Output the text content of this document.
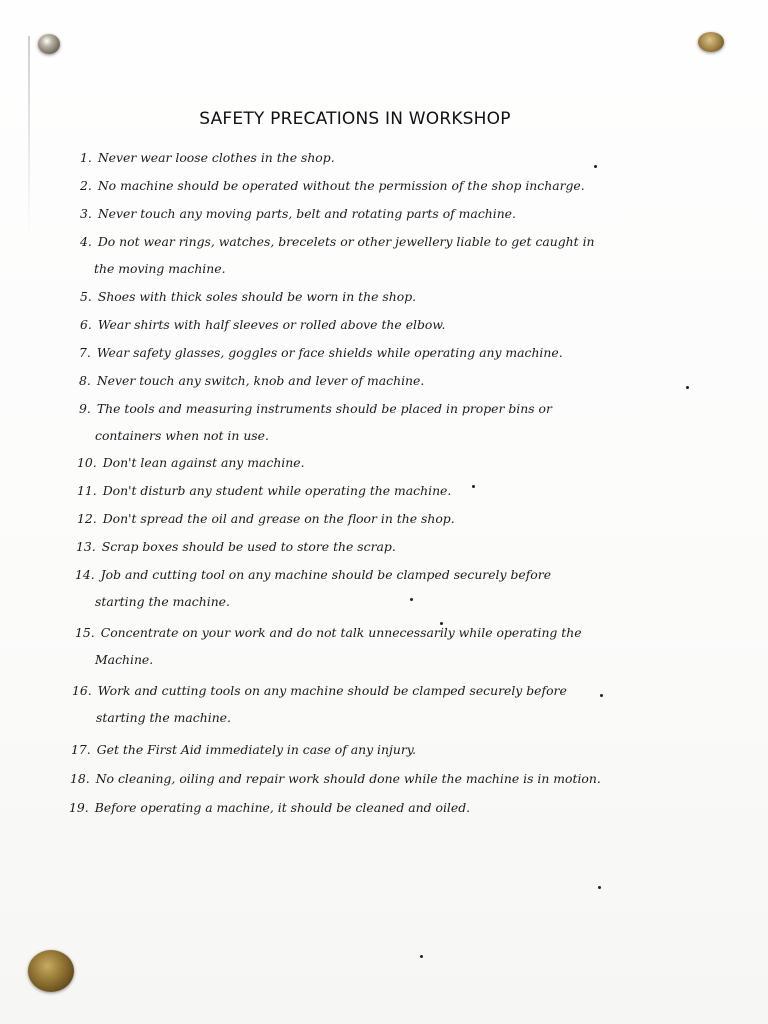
SAFETY PRECATIONS IN WORKSHOP
1. Never wear loose clothes in the shop.
2. No machine should be operated without the permission of the shop incharge.
3. Never touch any moving parts, belt and rotating parts of machine.
4. Do not wear rings, watches, brecelets or other jewellery liable to get caught in
the moving machine.
5. Shoes with thick soles should be worn in the shop.
6. Wear shirts with half sleeves or rolled above the elbow.
7. Wear safety glasses, goggles or face shields while operating any machine.
8. Never touch any switch, knob and lever of machine.
9. The tools and measuring instruments should be placed in proper bins or
containers when not in use.
10. Don't lean against any machine.
11. Don't disturb any student while operating the machine.
12. Don't spread the oil and grease on the floor in the shop.
13. Scrap boxes should be used to store the scrap.
14. Job and cutting tool on any machine should be clamped securely before
starting the machine.
15. Concentrate on your work and do not talk unnecessarily while operating the
Machine.
16. Work and cutting tools on any machine should be clamped securely before
starting the machine.
17. Get the First Aid immediately in case of any injury.
18. No cleaning, oiling and repair work should done while the machine is in motion.
19. Before operating a machine, it should be cleaned and oiled.
